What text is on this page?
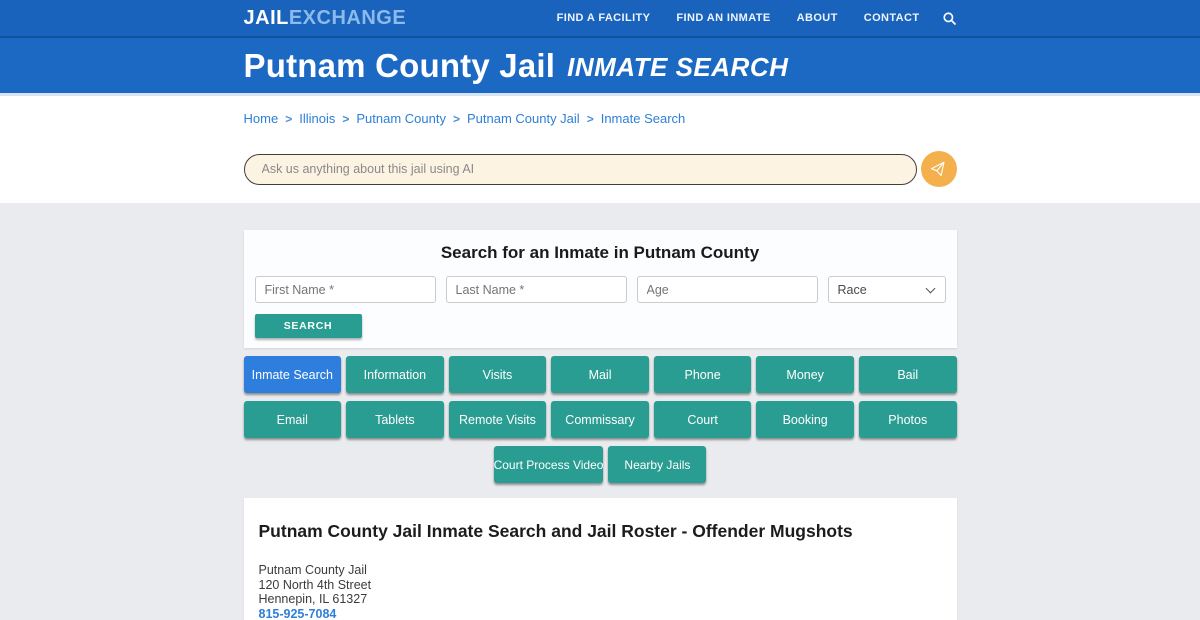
JAILEXCHANGE	FIND A FACILITY FIND AN INMATE ABOUT CONTACT
Putnam County Jail INMATE SEARCH
Home > Illinois > Putnam County > Putnam County Jail > Inmate Search
Ask us anything about this jail using AI
Search for an Inmate in Putnam County
First Name *
Last Name *
Age
Race
SEARCH
Inmate Search	Information	Visits	Mail	Phone	Money	Bail
Email	Tablets	Remote Visits	Commissary	Court	Booking	Photos
Court Process Video	Nearby Jails
Putnam County Jail Inmate Search and Jail Roster - Offender Mugshots
Putnam County Jail
120 North 4th Street
Hennepin, IL 61327
815-925-7084
